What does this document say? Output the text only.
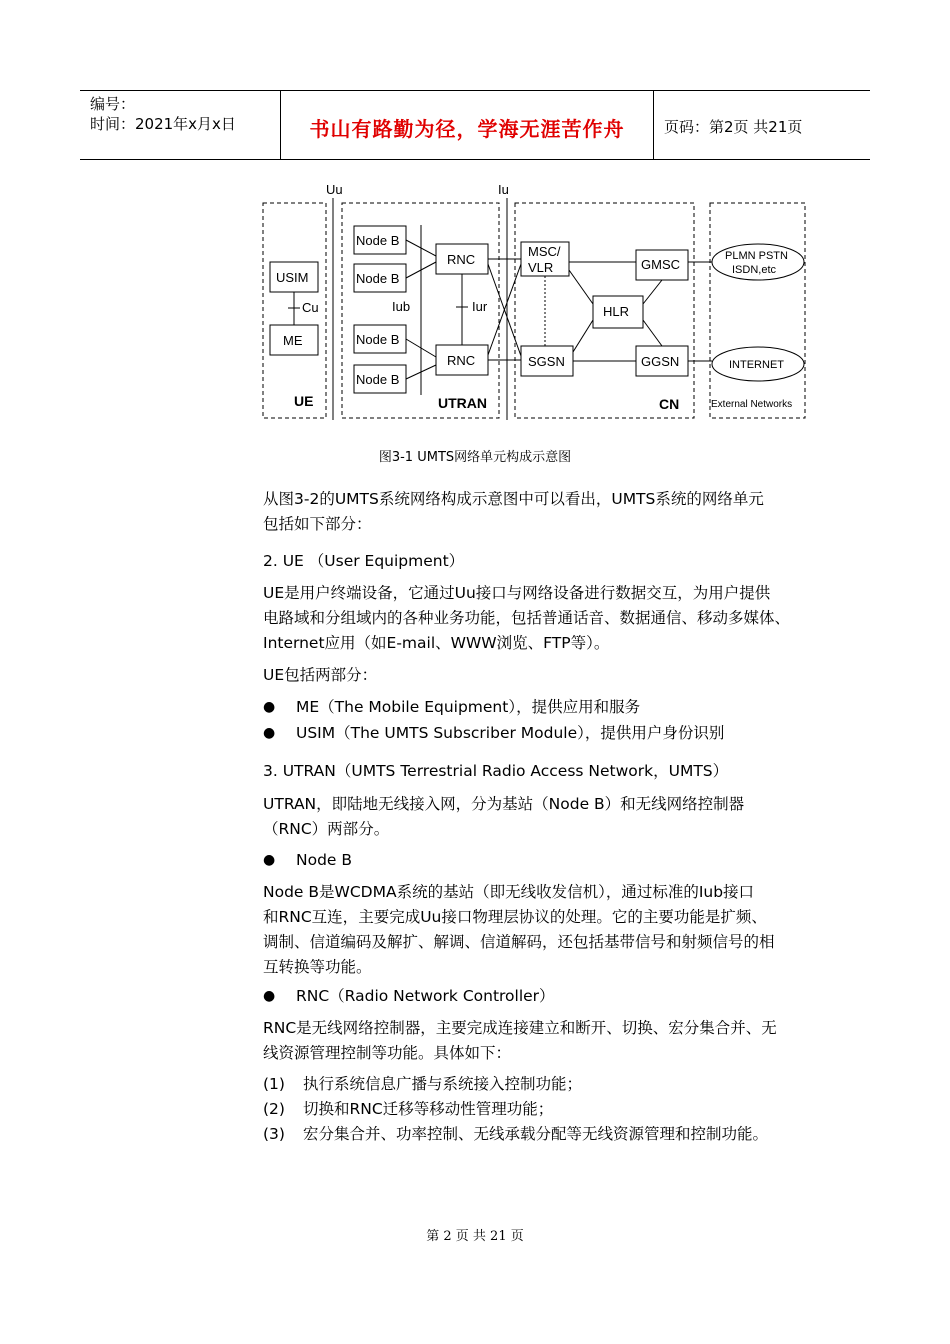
编号：
时间：2021年x月x日	书山有路勤为径，学海无涯苦作舟	页码：第2页 共21页
Uu	Iu
Cu	Iub	Iur
USIM
ME
Node B
Node B
Node B
Node B
RNC
RNC
MSC/
VLR	GMSC
HLR
SGSN	GGSN
PLMN PSTN
ISDN,etc
INTERNET
UE	UTRAN	CN	External Networks
图3-1 UMTS网络单元构成示意图
从图3-2的UMTS系统网络构成示意图中可以看出，UMTS系统的网络单元
包括如下部分：
2. UE （User Equipment）
UE是用户终端设备，它通过Uu接口与网络设备进行数据交互，为用户提供
电路域和分组域内的各种业务功能，包括普通话音、数据通信、移动多媒体、
Internet应用（如E-mail、WWW浏览、FTP等）。
UE包括两部分：
● ME（The Mobile Equipment），提供应用和服务
● USIM（The UMTS Subscriber Module），提供用户身份识别
3. UTRAN（UMTS Terrestrial Radio Access Network，UMTS）
UTRAN，即陆地无线接入网，分为基站（Node B）和无线网络控制器
（RNC）两部分。
● Node B
Node B是WCDMA系统的基站（即无线收发信机），通过标准的Iub接口
和RNC互连，主要完成Uu接口物理层协议的处理。它的主要功能是扩频、
调制、信道编码及解扩、解调、信道解码，还包括基带信号和射频信号的相
互转换等功能。
● RNC（Radio Network Controller）
RNC是无线网络控制器，主要完成连接建立和断开、切换、宏分集合并、无
线资源管理控制等功能。具体如下：
(1) 执行系统信息广播与系统接入控制功能；
(2) 切换和RNC迁移等移动性管理功能；
(3) 宏分集合并、功率控制、无线承载分配等无线资源管理和控制功能。
第 2 页 共 21 页
